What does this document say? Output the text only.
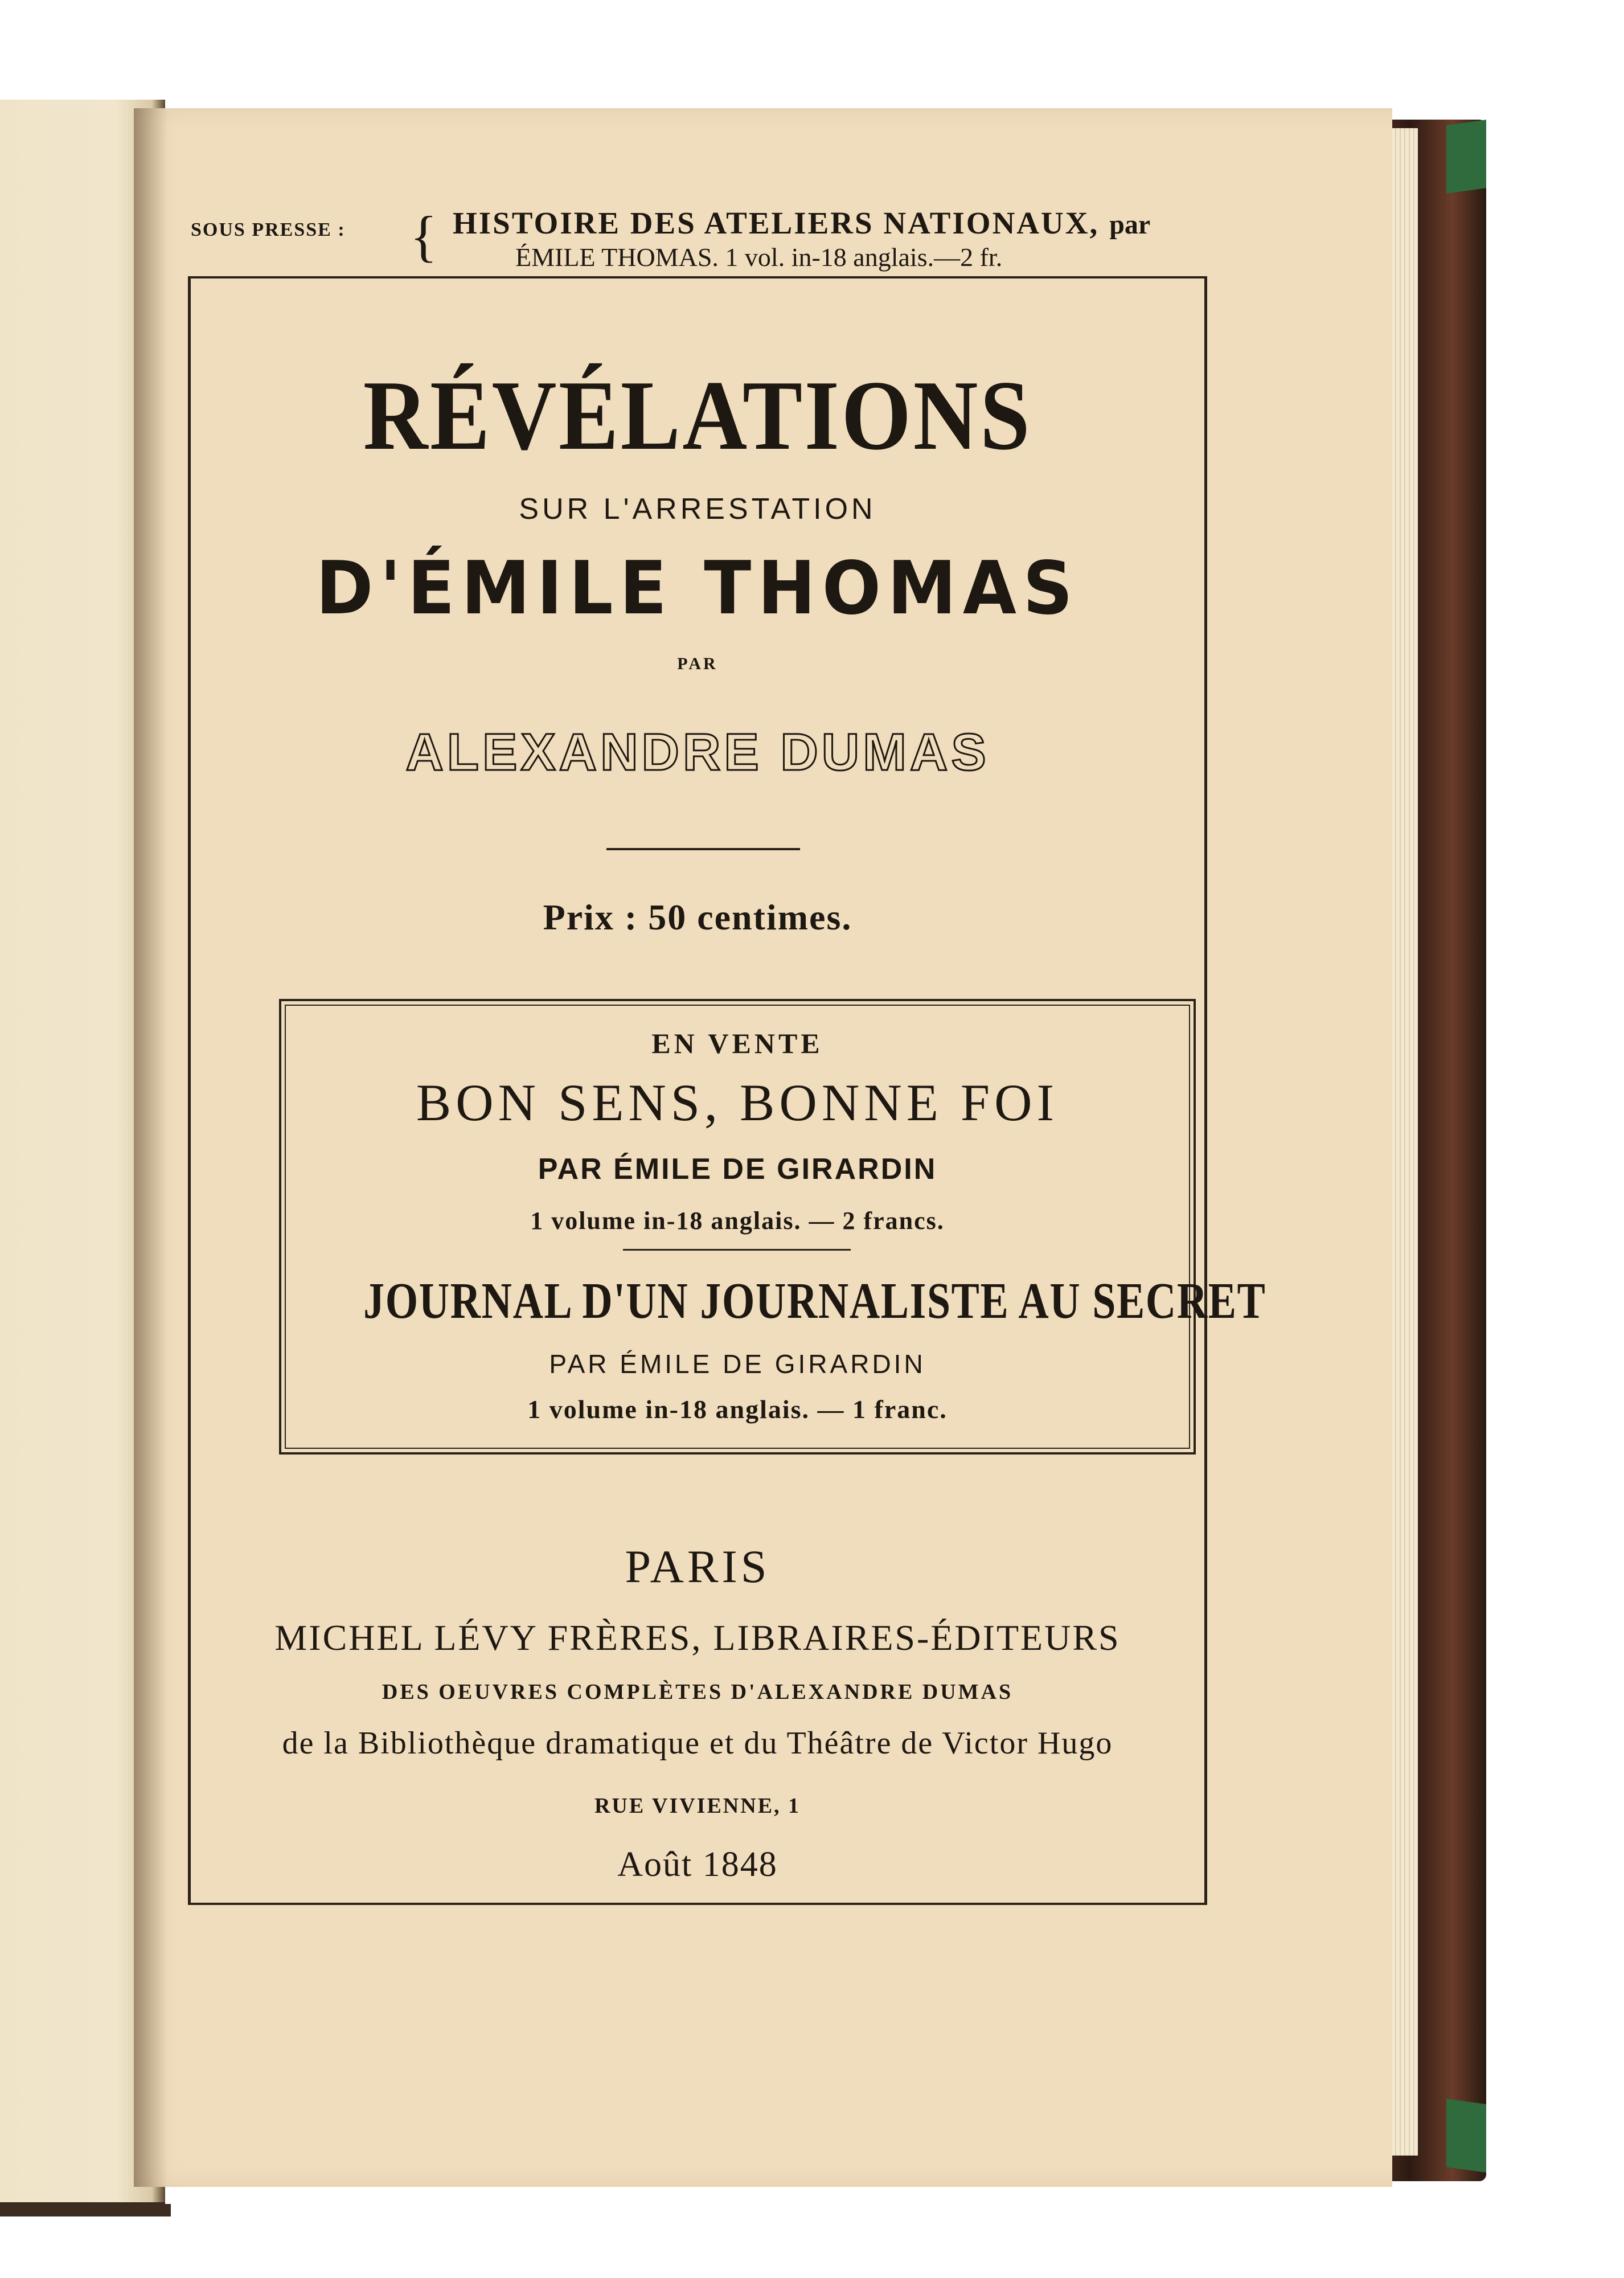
SOUS PRESSE : { HISTOIRE DES ATELIERS NATIONAUX, par
ÉMILE THOMAS. 1 vol. in-18 anglais.—2 fr.
RÉVÉLATIONS
SUR L'ARRESTATION
D'ÉMILE THOMAS
PAR
ALEXANDRE DUMAS
Prix : 50 centimes.
EN VENTE
BON SENS, BONNE FOI
PAR ÉMILE DE GIRARDIN
1 volume in-18 anglais. — 2 francs.
JOURNAL D'UN JOURNALISTE AU SECRET
PAR ÉMILE DE GIRARDIN
1 volume in-18 anglais. — 1 franc.
PARIS
MICHEL LÉVY FRÈRES, LIBRAIRES-ÉDITEURS
DES OEUVRES COMPLÈTES D'ALEXANDRE DUMAS
de la Bibliothèque dramatique et du Théâtre de Victor Hugo
RUE VIVIENNE, 1
Août 1848
